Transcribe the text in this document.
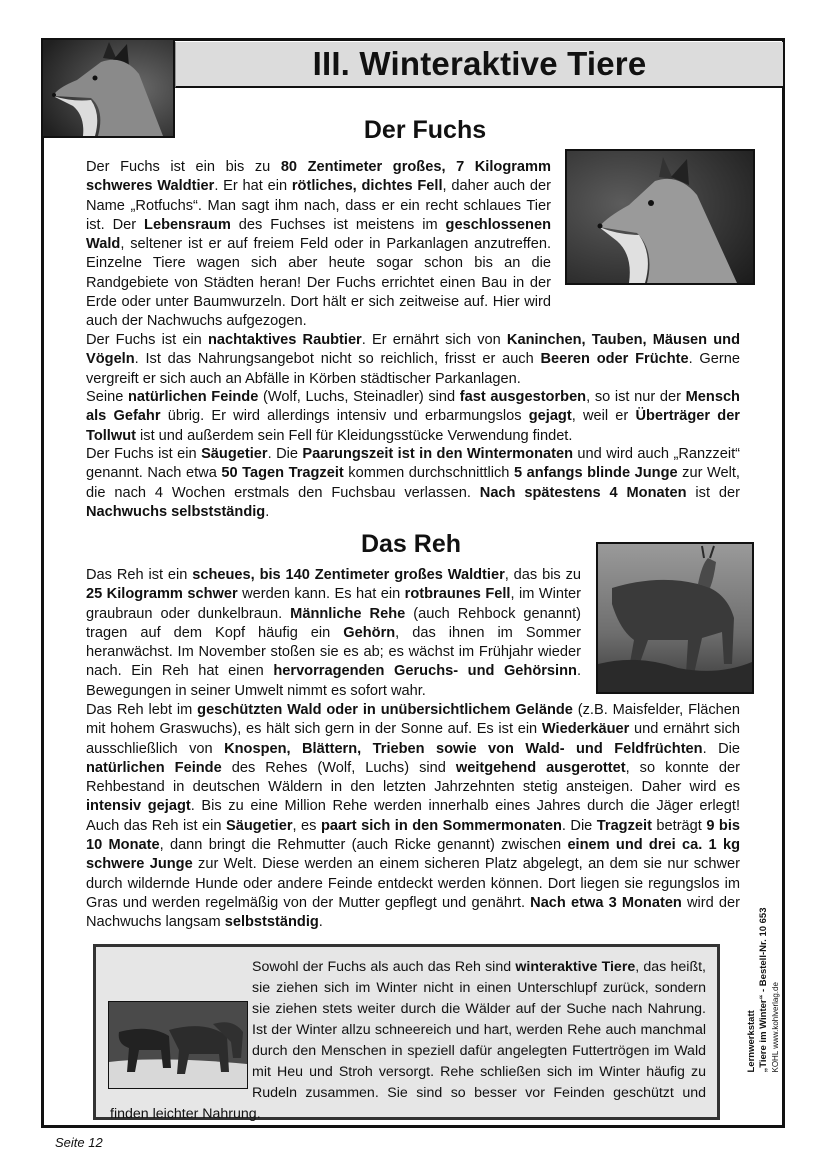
III. Winteraktive Tiere
Der Fuchs

Der Fuchs ist ein bis zu 80 Zentimeter großes, 7 Kilogramm schweres Waldtier. Er hat ein rötliches, dichtes Fell, daher auch der Name „Rotfuchs“. Man sagt ihm nach, dass er ein recht schlaues Tier ist. Der Lebensraum des Fuchses ist meistens im geschlossenen Wald, seltener ist er auf freiem Feld oder in Parkanlagen anzutreffen. Einzelne Tiere wagen sich aber heute sogar schon bis an die Randgebiete von Städten heran! Der Fuchs errichtet einen Bau in der Erde oder unter Baumwurzeln. Dort hält er sich zeitweise auf. Hier wird auch der Nachwuchs aufgezogen.

Der Fuchs ist ein nachtaktives Raubtier. Er ernährt sich von Kaninchen, Tauben, Mäusen und Vögeln. Ist das Nahrungsangebot nicht so reichlich, frisst er auch Beeren oder Früchte. Gerne vergreift er sich auch an Abfälle in Körben städtischer Parkanlagen.

Seine natürlichen Feinde (Wolf, Luchs, Steinadler) sind fast ausgestorben, so ist nur der Mensch als Gefahr übrig. Er wird allerdings intensiv und erbarmungslos gejagt, weil er Überträger der Tollwut ist und außerdem sein Fell für Kleidungsstücke Verwendung findet.

Der Fuchs ist ein Säugetier. Die Paarungszeit ist in den Wintermonaten und wird auch „Ranzzeit“ genannt. Nach etwa 50 Tagen Tragzeit kommen durchschnittlich 5 anfangs blinde Junge zur Welt, die nach 4 Wochen erstmals den Fuchsbau verlassen. Nach spätestens 4 Monaten ist der Nachwuchs selbstständig.

Das Reh

Das Reh ist ein scheues, bis 140 Zentimeter großes Waldtier, das bis zu 25 Kilogramm schwer werden kann. Es hat ein rotbraunes Fell, im Winter graubraun oder dunkelbraun. Männliche Rehe (auch Rehbock genannt) tragen auf dem Kopf häufig ein Gehörn, das ihnen im Sommer heranwächst. Im November stoßen sie es ab; es wächst im Frühjahr wieder nach. Ein Reh hat einen hervorragenden Geruchs- und Gehörsinn. Bewegungen in seiner Umwelt nimmt es sofort wahr.

Das Reh lebt im geschützten Wald oder in unübersichtlichem Gelände (z.B. Maisfelder, Flächen mit hohem Graswuchs), es hält sich gern in der Sonne auf. Es ist ein Wiederkäuer und ernährt sich ausschließlich von Knospen, Blättern, Trieben sowie von Wald- und Feldfrüchten. Die natürlichen Feinde des Rehes (Wolf, Luchs) sind weitgehend ausgerottet, so konnte der Rehbestand in deutschen Wäldern in den letzten Jahrzehnten stetig ansteigen. Daher wird es intensiv gejagt. Bis zu eine Million Rehe werden innerhalb eines Jahres durch die Jäger erlegt! Auch das Reh ist ein Säugetier, es paart sich in den Sommermonaten. Die Tragzeit beträgt 9 bis 10 Monate, dann bringt die Rehmutter (auch Ricke genannt) zwischen einem und drei ca. 1 kg schwere Junge zur Welt. Diese werden an einem sicheren Platz abgelegt, an dem sie nur schwer durch wildernde Hunde oder andere Feinde entdeckt werden können. Dort liegen sie regungslos im Gras und werden regelmäßig von der Mutter gepflegt und genährt. Nach etwa 3 Monaten wird der Nachwuchs langsam selbstständig.

Sowohl der Fuchs als auch das Reh sind winteraktive Tiere, das heißt, sie ziehen sich im Winter nicht in einen Unterschlupf zurück, sondern sie ziehen stets weiter durch die Wälder auf der Suche nach Nahrung. Ist der Winter allzu schneereich und hart, werden Rehe auch manchmal durch den Menschen in speziell dafür angelegten Futtertrögen im Wald mit Heu und Stroh versorgt. Rehe schließen sich im Winter häufig zu Rudeln zusammen. Sie sind so besser vor Feinden geschützt und finden leichter Nahrung.
Lernwerkstatt „Tiere im Winter“ - Bestell-Nr. 10 653 KOHL www.kohlverlag.de
Seite 12
